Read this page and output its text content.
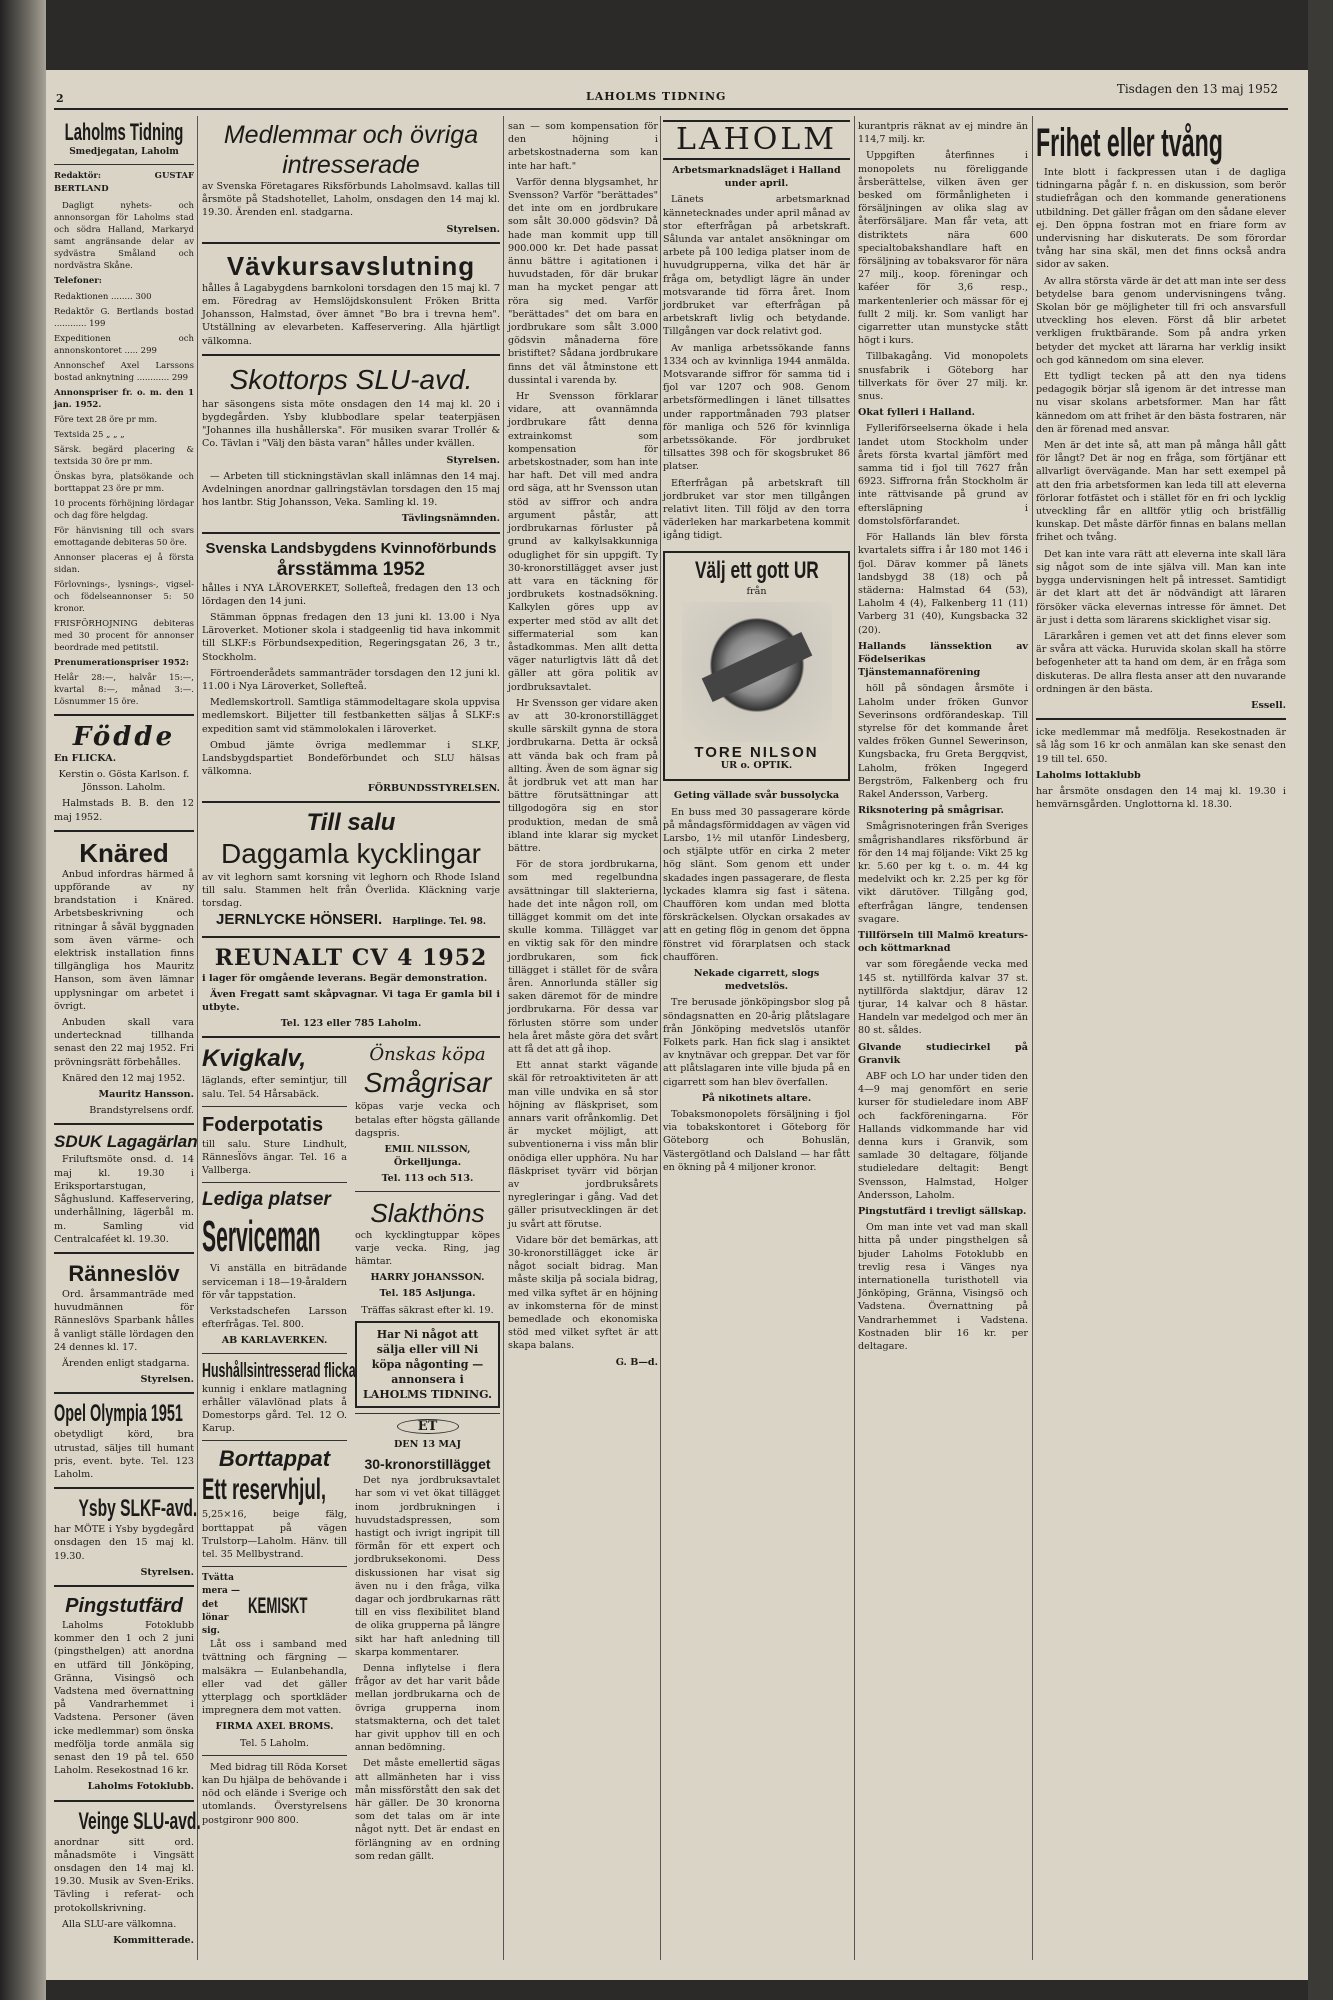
2	LAHOLMS TIDNING
Tisdagen den 13 maj 1952
Laholms Tidning
Smedjegatan, Laholm

Redaktör: GUSTAF BERTLAND

Dagligt nyhets- och annonsorgan för Laholms stad och södra Halland, Markaryd samt angränsande delar av sydvästra Småland och nordvästra Skåne.

Telefoner:

Redaktionen ........ 300

Redaktör G. Bertlands bostad ............ 199

Expeditionen och annonskontoret ..... 299

Annonschef Axel Larssons bostad anknytning ............ 299

Annonspriser fr. o. m. den 1 jan. 1952.

Före text 28 öre pr mm.

Textsida 25 „ „ „

Särsk. begärd placering & textsida 30 öre pr mm.

Önskas byra, platsökande och borttappat 23 öre pr mm.

10 procents förhöjning lördagar och dag före helgdag.

För hänvisning till och svars emottagande debiteras 50 öre.

Annonser placeras ej å första sidan.

Förlovnings-, lysnings-, vigsel- och födelseannonser 5: 50 kronor.

FRISFÖRHOJNING debiteras med 30 procent för annonser beordrade med petitstil.

Prenumerationspriser 1952:

Helår 28:—, halvår 15:—, kvartal 8:—, månad 3:—. Lösnummer 15 öre.

Födde

En FLICKA.

Kerstin o. Gösta Karlson. f. Jönsson. Laholm.

Halmstads B. B. den 12 maj 1952.

Knäred

Anbud infordras härmed å uppförande av ny brandstation i Knäred. Arbetsbeskrivning och ritningar å såväl byggnaden som även värme- och elektrisk installation finns tillgängliga hos Mauritz Hanson, som även lämnar upplysningar om arbetet i övrigt.

Anbuden skall vara undertecknad tillhanda senast den 22 maj 1952. Fri prövningsrätt förbehålles.

Knäred den 12 maj 1952.

Mauritz Hansson.

Brandstyrelsens ordf.

SDUK Lagagärlan

Friluftsmöte onsd. d. 14 maj kl. 19.30 i Eriksportarstugan, Såghuslund. Kaffeservering, underhållning, lägerbål m. m. Samling vid Centralcaféet kl. 19.30.

Ränneslöv

Ord. årsammanträde med huvudmännen för Ränneslövs Sparbank hålles å vanligt ställe lördagen den 24 dennes kl. 17.

Ärenden enligt stadgarna.

Styrelsen.

Opel Olympia 1951

obetydligt körd, bra utrustad, säljes till humant pris, event. byte. Tel. 123 Laholm.

Ysby SLKF-avd.

har MÖTE i Ysby bygdegård onsdagen den 15 maj kl. 19.30.

Styrelsen.

Pingstutfärd

Laholms Fotoklubb kommer den 1 och 2 juni (pingsthelgen) att anordna en utfärd till Jönköping, Gränna, Visingsö och Vadstena med övernattning på Vandrarhemmet i Vadstena. Personer (även icke medlemmar) som önska medfölja torde anmäla sig senast den 19 på tel. 650 Laholm. Resekostnad 16 kr.

Laholms Fotoklubb.

Veinge SLU-avd.

anordnar sitt ord. månadsmöte i Vingsätt onsdagen den 14 maj kl. 19.30. Musik av Sven-Eriks. Tävling i referat- och protokollskrivning.

Alla SLU-are välkomna.

Kommitterade.

Medlemmar och övriga
intresserade

av Svenska Företagares Riksförbunds Laholmsavd. kallas till årsmöte på Stadshotellet, Laholm, onsdagen den 14 maj kl. 19.30. Ärenden enl. stadgarna.

Styrelsen.

Vävkursavslutning

hålles å Lagabygdens barnkoloni torsdagen den 15 maj kl. 7 em. Föredrag av Hemslöjdskonsulent Fröken Britta Johansson, Halmstad, över ämnet "Bo bra i trevna hem". Utställning av elevarbeten. Kaffeservering. Alla hjärtligt välkomna.

Skottorps SLU-avd.

har säsongens sista möte onsdagen den 14 maj kl. 20 i bygdegården. Ysby klubbodlare spelar teaterpjäsen "Johannes illa hushållerska". För musiken svarar Trollér & Co. Tävlan i "Välj den bästa varan" hålles under kvällen.

Styrelsen.

— Arbeten till stickningstävlan skall inlämnas den 14 maj. Avdelningen anordnar gallringstävlan torsdagen den 15 maj hos lantbr. Stig Johansson, Veka. Samling kl. 19.

Tävlingsnämnden.

Svenska Landsbygdens Kvinnoförbunds
årsstämma 1952

hålles i NYA LÄROVERKET, Sollefteå, fredagen den 13 och lördagen den 14 juni.

Stämman öppnas fredagen den 13 juni kl. 13.00 i Nya Läroverket. Motioner skola i stadgeenlig tid hava inkommit till SLKF:s Förbundsexpedition, Regeringsgatan 26, 3 tr., Stockholm.

Förtroenderådets sammanträder torsdagen den 12 juni kl. 11.00 i Nya Läroverket, Sollefteå.

Medlemskortroll. Samtliga stämmodeltagare skola uppvisa medlemskort. Biljetter till festbanketten säljas å SLKF:s expedition samt vid stämmolokalen i läroverket.

Ombud jämte övriga medlemmar i SLKF, Landsbygdspartiet Bondeförbundet och SLU hälsas välkomna.

FÖRBUNDSSTYRELSEN.

Till salu
Daggamla kycklingar

av vit leghorn samt korsning vit leghorn och Rhode Island till salu. Stammen helt från Överlida. Kläckning varje torsdag.

JERNLYCKE HÖNSERI. Harplinge. Tel. 98.
REUNALT CV 4 1952

i lager för omgående leverans. Begär demonstration.

Även Fregatt samt skåpvagnar. Vi taga Er gamla bil i utbyte.

Tel. 123 eller 785 Laholm.

Kvigkalv,

läglands, efter semintjur, till salu. Tel. 54 Hårsabäck.

Foderpotatis

till salu. Sture Lindhult, Rännesl̈övs ängar. Tel. 16 a Vallberga.

Lediga platser
Serviceman

Vi anställa en biträdande serviceman i 18—19-åraldern för vår tappstation.

Verkstadschefen Larsson efterfrågas. Tel. 800.

AB KARLAVERKEN.

Hushållsintresserad flicka

kunnig i enklare matlagning erhåller välavlönad plats å Domestorps gård. Tel. 12 O. Karup.

Borttappat
Ett reservhjul,

5,25×16, beige fälg, borttappat på vägen Trulstorp—Laholm. Hänv. till tel. 35 Mellbystrand.

Tvättа mera — det lönar sig.
KEMISKT

Låt oss i samband med tvättning och färgning — malsäkra — Eulanbehandla, eller vad det gäller ytterplagg och sportkläder impregnera dem mot vatten.

FIRMA AXEL BROMS.

Tel. 5 Laholm.

Med bidrag till Röda Korset kan Du hjälpa de behövande i nöd och elände i Sverige och utomlands. Överstyrelsens postgironr 900 800.

Önskas köpa
Smågrisar

köpas varje vecka och betalas efter högsta gällande dagspris.

EMIL NILSSON, Örkelljunga.

Tel. 113 och 513.

Slakthöns

och kycklingtuppar köpes varje vecka. Ring, jag hämtar.

HARRY JOHANSSON.

Tel. 185 Asljunga.

Träffas säkrast efter kl. 19.

Har Ni något att sälja eller vill Ni köpa någonting — annonsera i LAHOLMS TIDNING.
ET

DEN 13 MAJ

30-kronorstillägget

Det nya jordbruksavtalet har som vi vet ökat tillägget inom jordbrukningen i huvudstadspressen, som hastigt och ivrigt ingripit till förmån för ett expert och jordbruksekonomi. Dess diskussionen har visat sig även nu i den fråga, vilka dagar och jordbrukarnas rätt till en viss flexibilitet bland de olika grupperna på längre sikt har haft anledning till skarpa kommentarer.

Denna inflytelse i flera frågor av det har varit både mellan jordbrukarna och de övriga grupperna inom statsmakterna, och det talet har givit upphov till en och annan bedömning.

Det måste emellertid sägas att allmänheten har i viss mån missförstått den sak det här gäller. De 30 kronorna som det talas om är inte något nytt. Det är endast en förlängning av en ordning som redan gällt.

san — som kompensation för den höjning i arbetskostnaderna som kan inte har haft."

Varför denna blygsamhet, hr Svensson? Varför "berättades" det inte om en jordbrukare som sålt 30.000 gödsvin? Då hade man kommit upp till 900.000 kr. Det hade passat ännu bättre i agitationen i huvudstaden, för där brukar man ha mycket pengar att röra sig med. Varför "berättades" det om bara en jordbrukare som sålt 3.000 gödsvin månaderna före bristiftet? Sådana jordbrukare finns det väl åtminstone ett dussintal i varenda by.

Hr Svensson förklarar vidare, att ovannämnda jordbrukare fått denna extrainkomst som kompensation för arbetskostnader, som han inte har haft. Det vill med andra ord säga, att hr Svensson utan stöd av siffror och andra argument påstår, att jordbrukarnas förluster på grund av kalkylsakkunniga oduglighet för sin uppgift. Ty 30-kronorstillägget avser just att vara en täckning för jordbrukets kostnadsökning. Kalkylen göres upp av experter med stöd av allt det siffermaterial som kan åstadkommas. Men allt detta väger naturligtvis lätt då det gäller att göra politik av jordbruksavtalet.

Hr Svensson ger vidare aken av att 30-kronorstillägget skulle särskilt gynna de stora jordbrukarna. Detta är också att vända bak och fram på allting. Även de som ägnar sig åt jordbruk vet att man har bättre förutsättningar att tillgodogöra sig en stor produktion, medan de små ibland inte klarar sig mycket bättre.

För de stora jordbrukarna, som med regelbundna avsättningar till slakterierna, hade det inte någon roll, om tillägget kommit om det inte skulle komma. Tillägget var en viktig sak för den mindre jordbrukaren, som fick tillägget i stället för de svåra åren. Annorlunda ställer sig saken däremot för de mindre jordbrukarna. För dessa var förlusten större som under hela året måste göra det svårt att få det att gå ihop.

Ett annat starkt vägande skäl för retroaktiviteten är att man ville undvika en så stor höjning av fläskpriset, som annars varit ofrånkomlig. Det är mycket möjligt, att subventionerna i viss mån blir onödiga eller upphöra. Nu har fläskpriset tyvärr vid början av jordbruksårets nyregleringar i gång. Vad det gäller prisutvecklingen är det ju svårt att förutse.

Vidare bör det bemärkas, att 30-kronorstillägget icke är något socialt bidrag. Man måste skilja på sociala bidrag, med vilka syftet är en höjning av inkomsterna för de minst bemedlade och ekonomiska stöd med vilket syftet är att skapa balans.

G. B—d.

LAHOLM

Arbetsmarknadsläget i Halland under april.

Länets arbetsmarknad kännetecknades under april månad av stor efterfrågan på arbetskraft. Sålunda var antalet ansökningar om arbete på 100 lediga platser inom de huvudgrupperna, vilka det här är fråga om, betydligt lägre än under motsvarande tid förra året. Inom jordbruket var efterfrågan på arbetskraft livlig och betydande. Tillgången var dock relativt god.

Av manliga arbetssökande fanns 1334 och av kvinnliga 1944 anmälda. Motsvarande siffror för samma tid i fjol var 1207 och 908. Genom arbetsförmedlingen i länet tillsattes under rapportmånaden 793 platser för manliga och 526 för kvinnliga arbetssökande. För jordbruket tillsattes 398 och för skogsbruket 86 platser.

Efterfrågan på arbetskraft till jordbruket var stor men tillgången relativt liten. Till följd av den torra väderleken har markarbetena kommit igång tidigt.

Välj ett gott UR

från

TORE NILSON

UR o. OPTIK.

Geting vällade svår bussolycka

En buss med 30 passagerare körde på måndagsförmiddagen av vägen vid Larsbo, 1½ mil utanför Lindesberg, och stjälpte utför en cirka 2 meter hög slänt. Som genom ett under skadades ingen passagerare, de flesta lyckades klamra sig fast i sätena. Chauffören kom undan med blotta förskräckelsen. Olyckan orsakades av att en geting flög in genom det öppna fönstret vid förarplatsen och stack chauffören.

Nekade cigarrett, slogs medvetslös.

Tre berusade jönköpingsbor slog på söndagsnatten en 20-årig plåtslagare från Jönköping medvetslös utanför Folkets park. Han fick slag i ansiktet av knytnävar och greppar. Det var för att plåtslagaren inte ville bjuda på en cigarrett som han blev överfallen.

På nikotinets altare.

Tobaksmonopolets försäljning i fjol via tobakskontoret i Göteborg för Göteborg och Bohuslän, Västergötland och Dalsland — har fått en ökning på 4 miljoner kronor.

kurantpris räknat av ej mindre än 114,7 milj. kr.

Uppgiften återfinnes i monopolets nu föreliggande årsberättelse, vilken även ger besked om förmånligheten i försäljningen av olika slag av återförsäljare. Man får veta, att distriktets nära 600 specialtobakshandlare haft en försäljning av tobaksvaror för nära 27 milj., koop. föreningar och kaféer för 3,6 resp., markentenlerier och mässar för ej fullt 2 milj. kr. Som vanligt har cigarretter utan munstycke stått högt i kurs.

Tillbakagång. Vid monopolets snusfabrik i Göteborg har tillverkats för över 27 milj. kr. snus.

Okat fylleri i Halland.

Fylleriförseelserna ökade i hela landet utom Stockholm under årets första kvartal jämfört med samma tid i fjol till 7627 från 6923. Siffrorna från Stockholm är inte rättvisande på grund av eftersläpning i domstolsförfarandet.

För Hallands län blev första kvartalets siffra i år 180 mot 146 i fjol. Därav kommer på länets landsbygd 38 (18) och på städerna: Halmstad 64 (53), Laholm 4 (4), Falkenberg 11 (11) Varberg 31 (40), Kungsbacka 32 (20).

Hallands länssektion av Födelserikas Tjänstemannaförening

höll på söndagen årsmöte i Laholm under fröken Gunvor Severinsons ordförandeskap. Till styrelse för det kommande året valdes fröken Gunnel Sewerinson, Kungsbacka, fru Greta Bergqvist, Laholm, fröken Ingegerd Bergström, Falkenberg och fru Rakel Andersson, Varberg.

Riksnotering på smågrisar.

Smågrisnoteringen från Sveriges smågrishandlares riksförbund är för den 14 maj följande: Vikt 25 kg kr. 5.60 per kg t. o. m. 44 kg medelvikt och kr. 2.25 per kg för vikt därutöver. Tillgång god, efterfrågan längre, tendensen svagare.

Tillförseln till Malmö kreaturs- och köttmarknad

var som föregående vecka med 145 st. nytillförda kalvar 37 st. nytillförda slaktdjur, därav 12 tjurar, 14 kalvar och 8 hästar. Handeln var medelgod och mer än 80 st. såldes.

Glvande studiecirkel på Granvik

ABF och LO har under tiden den 4—9 maj genomfört en serie kurser för studieledare inom ABF och fackföreningarna. För Hallands vidkommande har vid denna kurs i Granvik, som samlade 30 deltagare, följande studieledare deltagit: Bengt Svensson, Halmstad, Holger Andersson, Laholm.

Pingstutfärd i trevligt sällskap.

Om man inte vet vad man skall hitta på under pingsthelgen så bjuder Laholms Fotoklubb en trevlig resa i Vänges nya internationella turisthotell via Jönköping, Gränna, Visingsö och Vadstena. Övernattning på Vandrarhemmet i Vadstena. Kostnaden blir 16 kr. per deltagare.

Frihet eller tvång

Inte blott i fackpressen utan i de dagliga tidningarna pågår f. n. en diskussion, som berör studiefrågan och den kommande generationens utbildning. Det gäller frågan om den sådane elever ej. Den öppna fostran mot en friare form av undervisning har diskuterats. De som förordar tvång har sina skäl, men det finns också andra sidor av saken.

Av allra största värde är det att man inte ser dess betydelse bara genom undervisningens tvång. Skolan bör ge möjligheter till fri och ansvarsfull utveckling hos eleven. Först då blir arbetet verkligen fruktbärande. Som på andra yrken betyder det mycket att lärarna har verklig insikt och god kännedom om sina elever.

Ett tydligt tecken på att den nya tidens pedagogik börjar slå igenom är det intresse man nu visar skolans arbetsformer. Man har fått kännedom om att frihet är den bästa fostraren, när den är förenad med ansvar.

Men är det inte så, att man på många håll gått för långt? Det är nog en fråga, som förtjänar ett allvarligt övervägande. Man har sett exempel på att den fria arbetsformen kan leda till att eleverna förlorar fotfästet och i stället för en fri och lycklig utveckling får en alltför ytlig och bristfällig kunskap. Det måste därför finnas en balans mellan frihet och tvång.

Det kan inte vara rätt att eleverna inte skall lära sig något som de inte själva vill. Man kan inte bygga undervisningen helt på intresset. Samtidigt är det klart att det är nödvändigt att läraren försöker väcka elevernas intresse för ämnet. Det är just i detta som lärarens skicklighet visar sig.

Lärarkåren i gemen vet att det finns elever som är svåra att väcka. Huruvida skolan skall ha större befogenheter att ta hand om dem, är en fråga som diskuteras. De allra flesta anser att den nuvarande ordningen är den bästa.

Essell.

icke medlemmar må medfölja. Resekostnaden är så låg som 16 kr och anmälan kan ske senast den 19 till tel. 650.

Laholms lottaklubb

har årsmöte onsdagen den 14 maj kl. 19.30 i hemvärnsgården. Unglottorna kl. 18.30.
